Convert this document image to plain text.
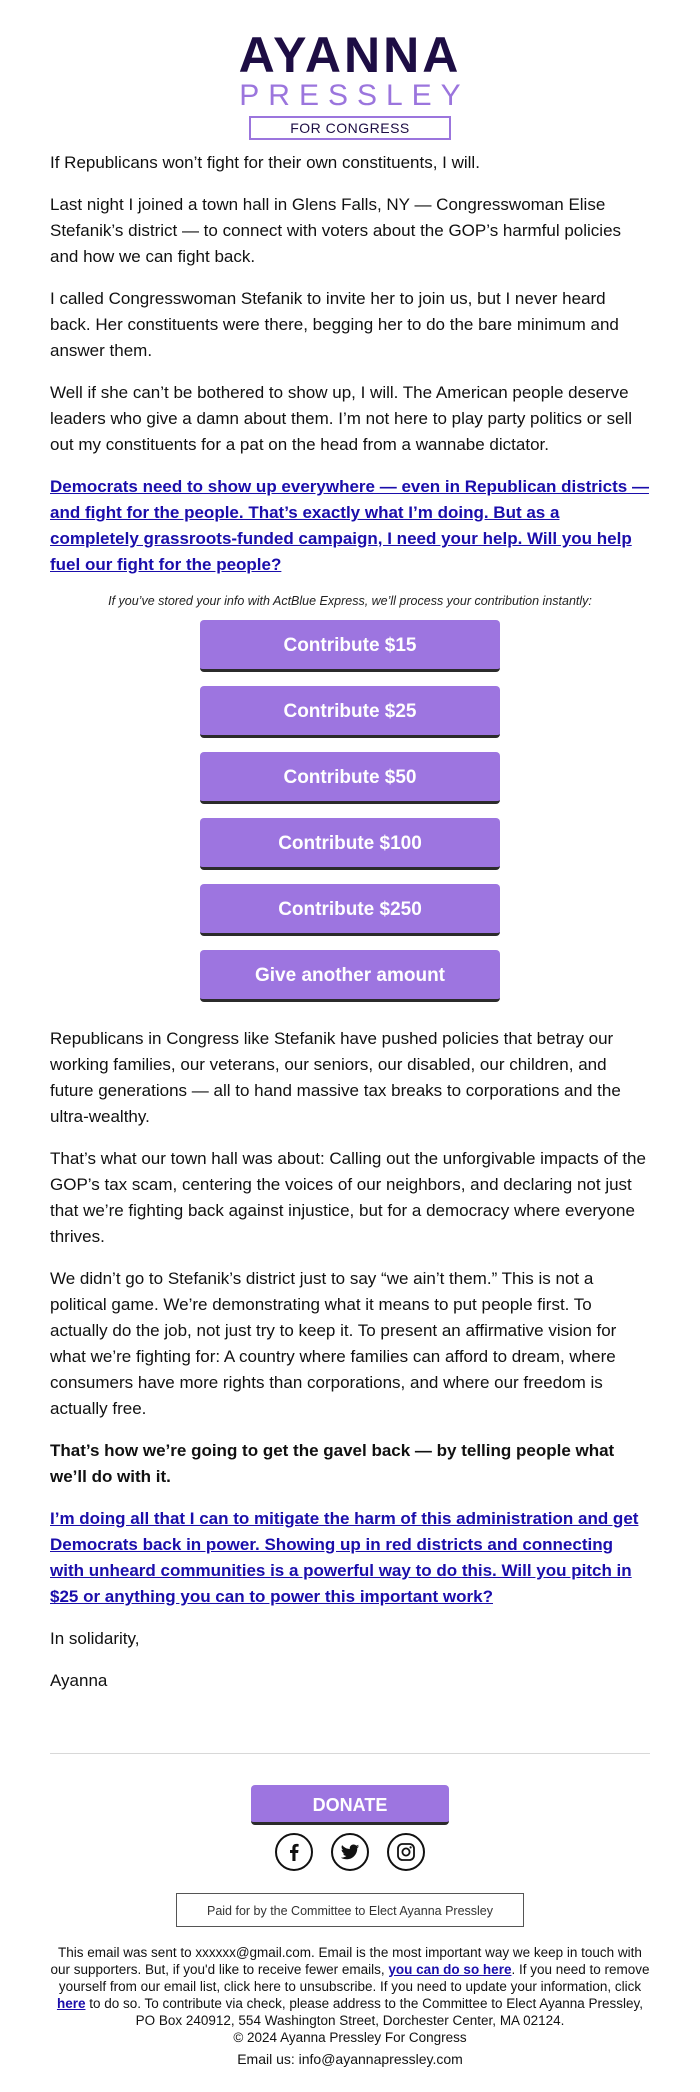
AYANNA

PRESSLEY

FOR CONGRESS

If Republicans won’t fight for their own constituents, I will.

Last night I joined a town hall in Glens Falls, NY — Congresswoman Elise Stefanik’s district — to connect with voters about the GOP’s harmful policies and how we can fight back.

I called Congresswoman Stefanik to invite her to join us, but I never heard back. Her constituents were there, begging her to do the bare minimum and answer them.

Well if she can’t be bothered to show up, I will. The American people deserve leaders who give a damn about them. I’m not here to play party politics or sell out my constituents for a pat on the head from a wannabe dictator.

Democrats need to show up everywhere — even in Republican districts — and fight for the people. That’s exactly what I’m doing. But as a completely grassroots-funded campaign, I need your help. Will you help fuel our fight for the people?

If you’ve stored your info with ActBlue Express, we’ll process your contribution instantly:

Contribute $15
Contribute $25
Contribute $50
Contribute $100
Contribute $250
Give another amount

Republicans in Congress like Stefanik have pushed policies that betray our working families, our veterans, our seniors, our disabled, our children, and future generations — all to hand massive tax breaks to corporations and the ultra-wealthy.

That’s what our town hall was about: Calling out the unforgivable impacts of the GOP’s tax scam, centering the voices of our neighbors, and declaring not just that we’re fighting back against injustice, but for a democracy where everyone thrives.

We didn’t go to Stefanik’s district just to say “we ain’t them.” This is not a political game. We’re demonstrating what it means to put people first. To actually do the job, not just try to keep it. To present an affirmative vision for what we’re fighting for: A country where families can afford to dream, where consumers have more rights than corporations, and where our freedom is actually free.

That’s how we’re going to get the gavel back — by telling people what we’ll do with it.

I’m doing all that I can to mitigate the harm of this administration and get Democrats back in power. Showing up in red districts and connecting with unheard communities is a powerful way to do this. Will you pitch in $25 or anything you can to power this important work?

In solidarity,

Ayanna

DONATE

Paid for by the Committee to Elect Ayanna Pressley
This email was sent to xxxxxx@gmail.com. Email is the most important way we keep in touch with our supporters. But, if you'd like to receive fewer emails, you can do so here. If you need to remove yourself from our email list, click here to unsubscribe. If you need to update your information, click here to do so. To contribute via check, please address to the Committee to Elect Ayanna Pressley, PO Box 240912, 554 Washington Street, Dorchester Center, MA 02124.
© 2024 Ayanna Pressley For Congress
Email us: info@ayannapressley.com
